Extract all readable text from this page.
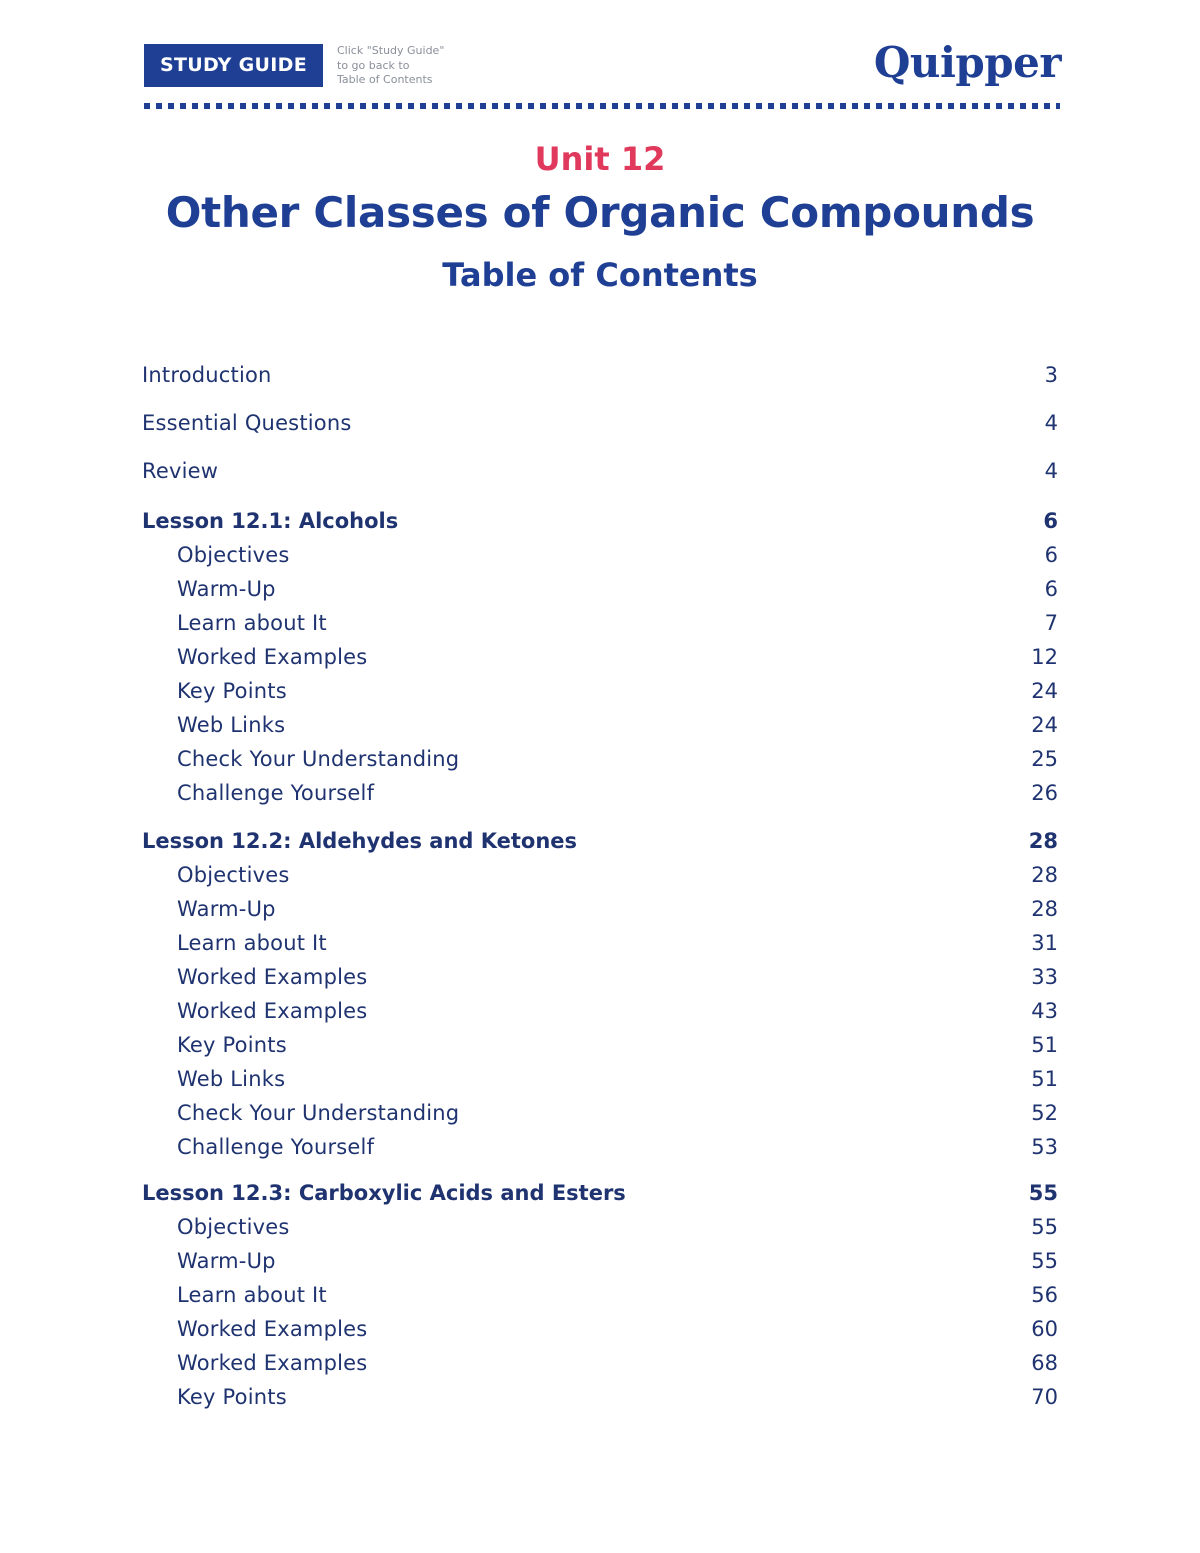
STUDY GUIDE
Click "Study Guide"
to go back to
Table of Contents	Quipper
Unit 12
Other Classes of Organic Compounds
Table of Contents
Introduction	3
Essential Questions	4
Review	4
Lesson 12.1: Alcohols	6
Objectives	6
Warm-Up	6
Learn about It	7
Worked Examples	12
Key Points	24
Web Links	24
Check Your Understanding	25
Challenge Yourself	26
Lesson 12.2: Aldehydes and Ketones	28
Objectives	28
Warm-Up	28
Learn about It	31
Worked Examples	33
Worked Examples	43
Key Points	51
Web Links	51
Check Your Understanding	52
Challenge Yourself	53
Lesson 12.3: Carboxylic Acids and Esters	55
Objectives	55
Warm-Up	55
Learn about It	56
Worked Examples	60
Worked Examples	68
Key Points	70
